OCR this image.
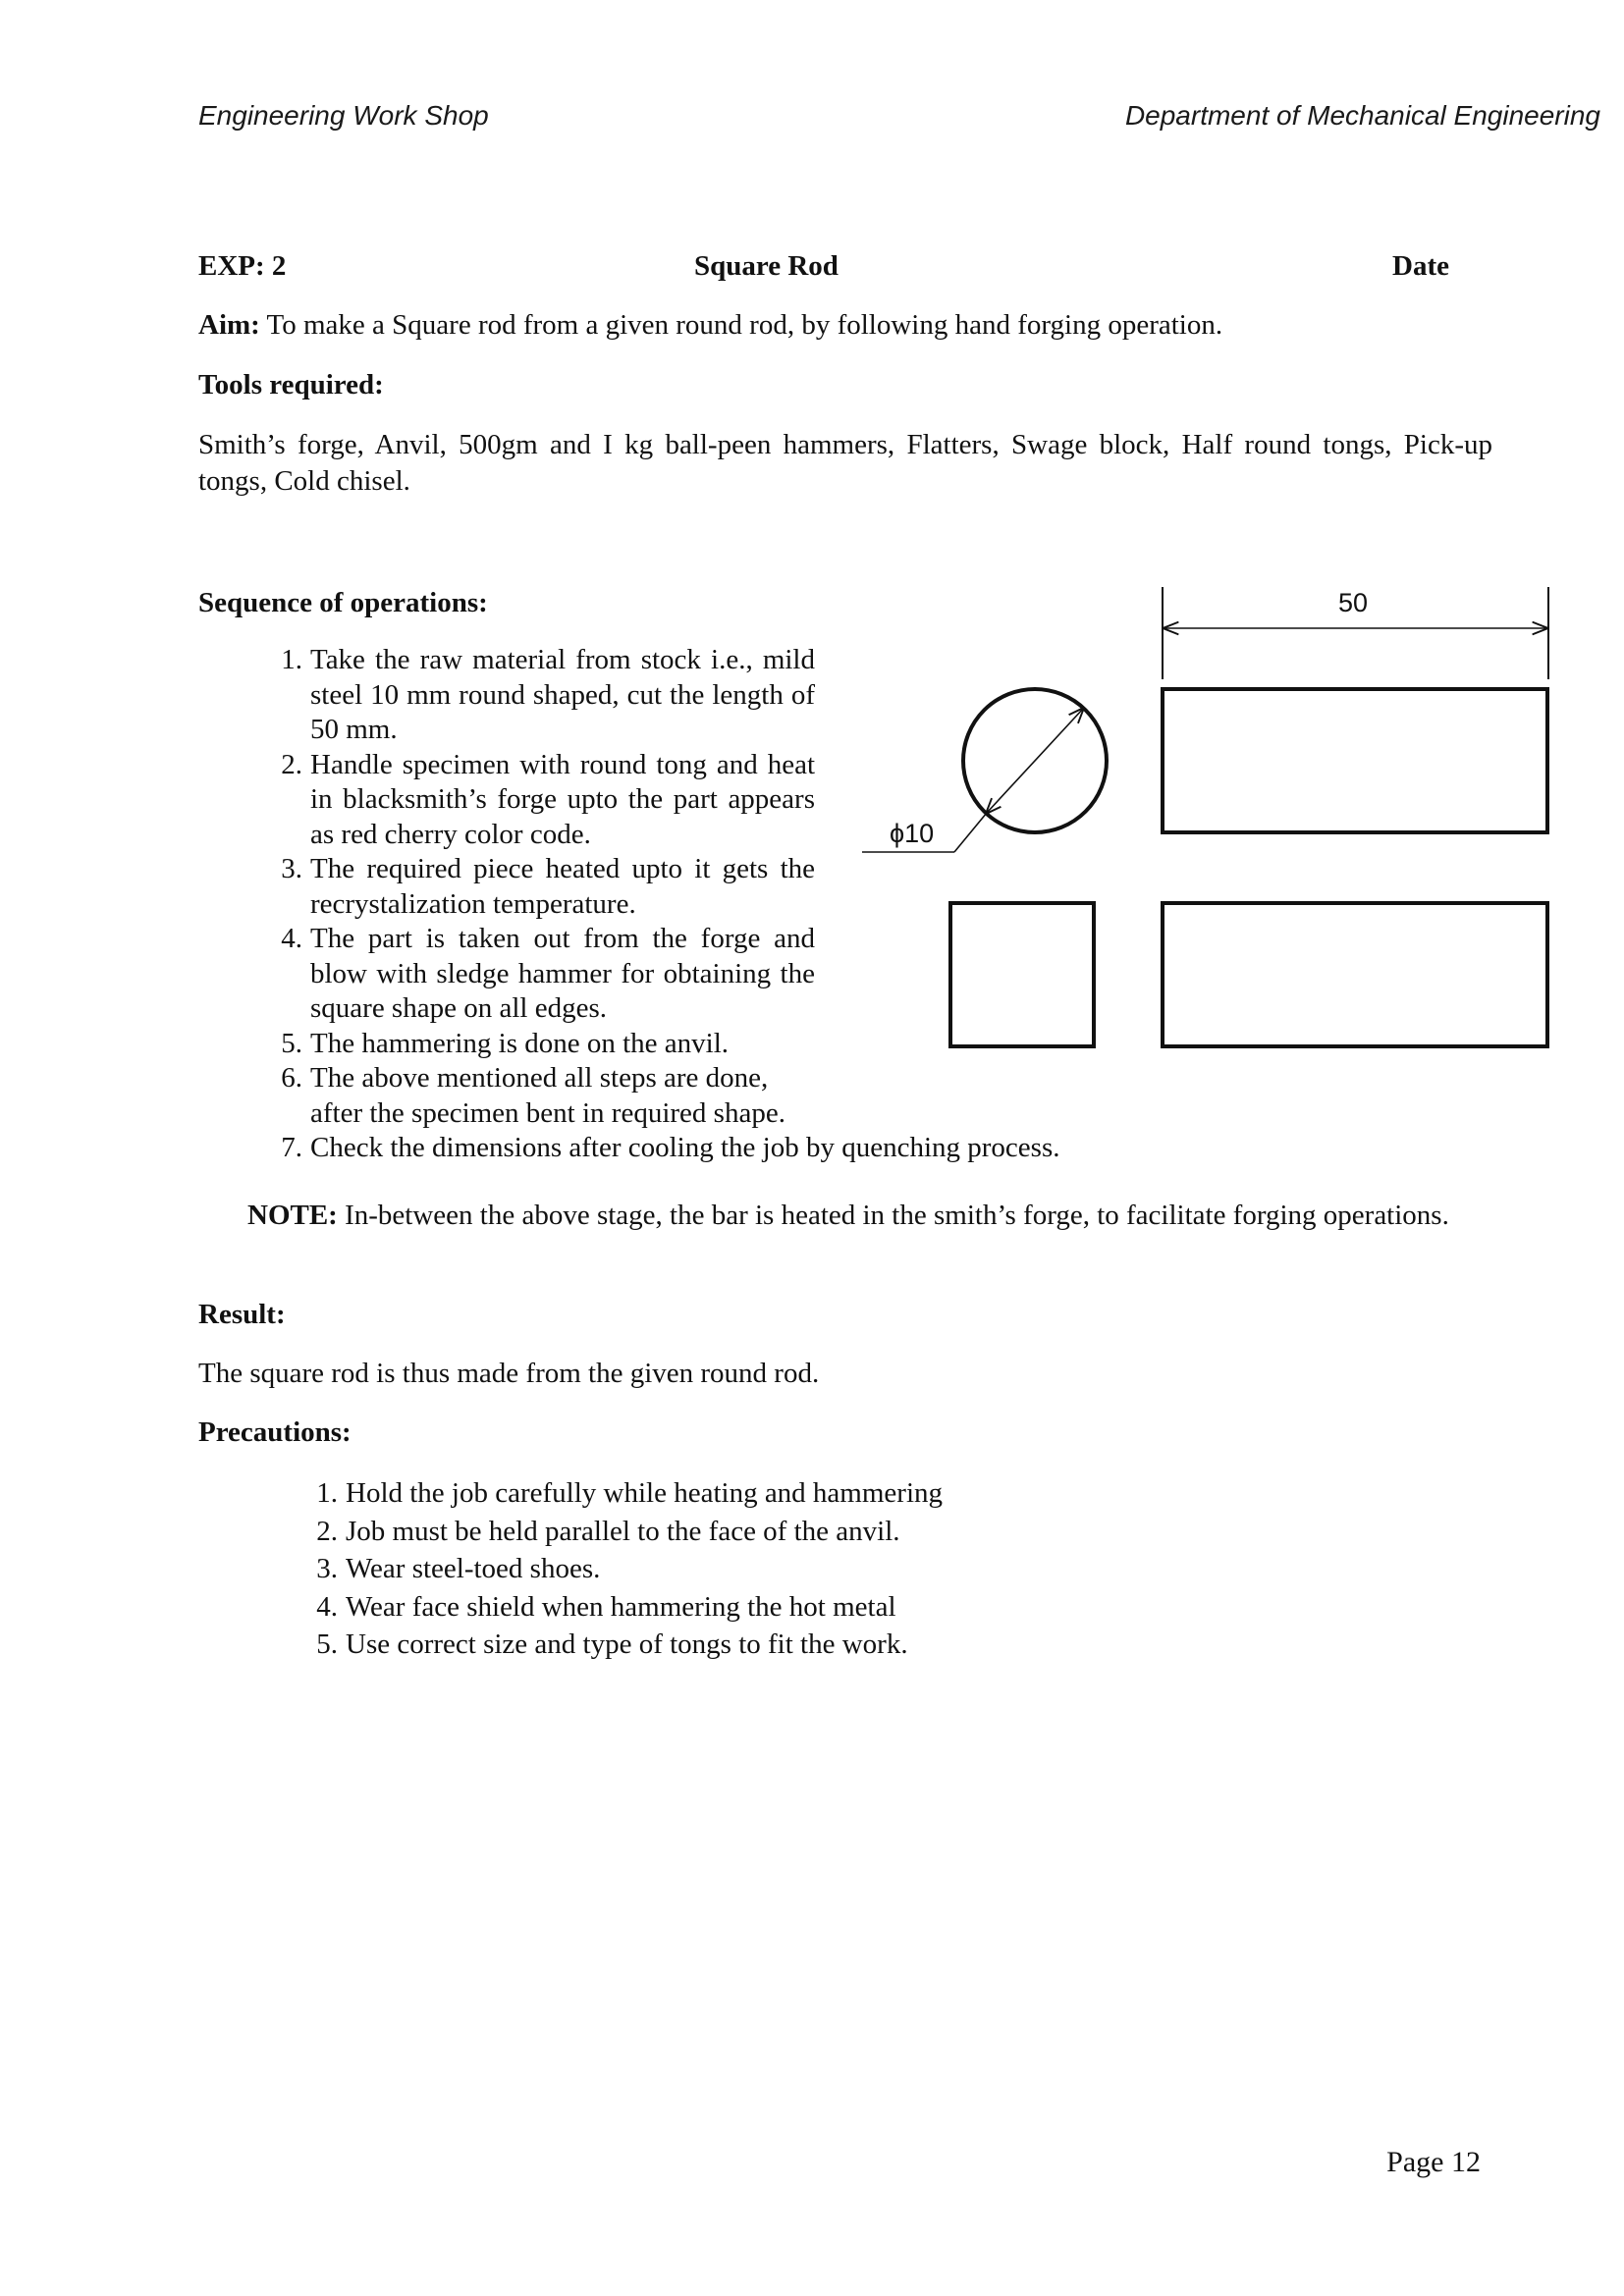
Engineering Work Shop	Department of Mechanical Engineering
EXP: 2	Square Rod	Date
Aim: To make a Square rod from a given round rod, by following hand forging operation.
Tools required:
Smith’s forge, Anvil, 500gm and I kg ball-peen hammers, Flatters, Swage block, Half round tongs, Pick-up tongs, Cold chisel.
Sequence of operations:
1. Take the raw material from stock i.e., mild steel 10 mm round shaped, cut the length of 50 mm.
2. Handle specimen with round tong and heat in blacksmith’s forge upto the part appears as red cherry color code.
3. The required piece heated upto it gets the recrystalization temperature.
4. The part is taken out from the forge and blow with sledge hammer for obtaining the square shape on all edges.
5. The hammering is done on the anvil.
6. The above mentioned all steps are done, after the specimen bent in required shape.
7. Check the dimensions after cooling the job by quenching process.
50
ϕ10
NOTE: In-between the above stage, the bar is heated in the smith’s forge, to facilitate forging operations.
Result:
The square rod is thus made from the given round rod.
Precautions:
1. Hold the job carefully while heating and hammering
2. Job must be held parallel to the face of the anvil.
3. Wear steel-toed shoes.
4. Wear face shield when hammering the hot metal
5. Use correct size and type of tongs to fit the work.
Page 12
